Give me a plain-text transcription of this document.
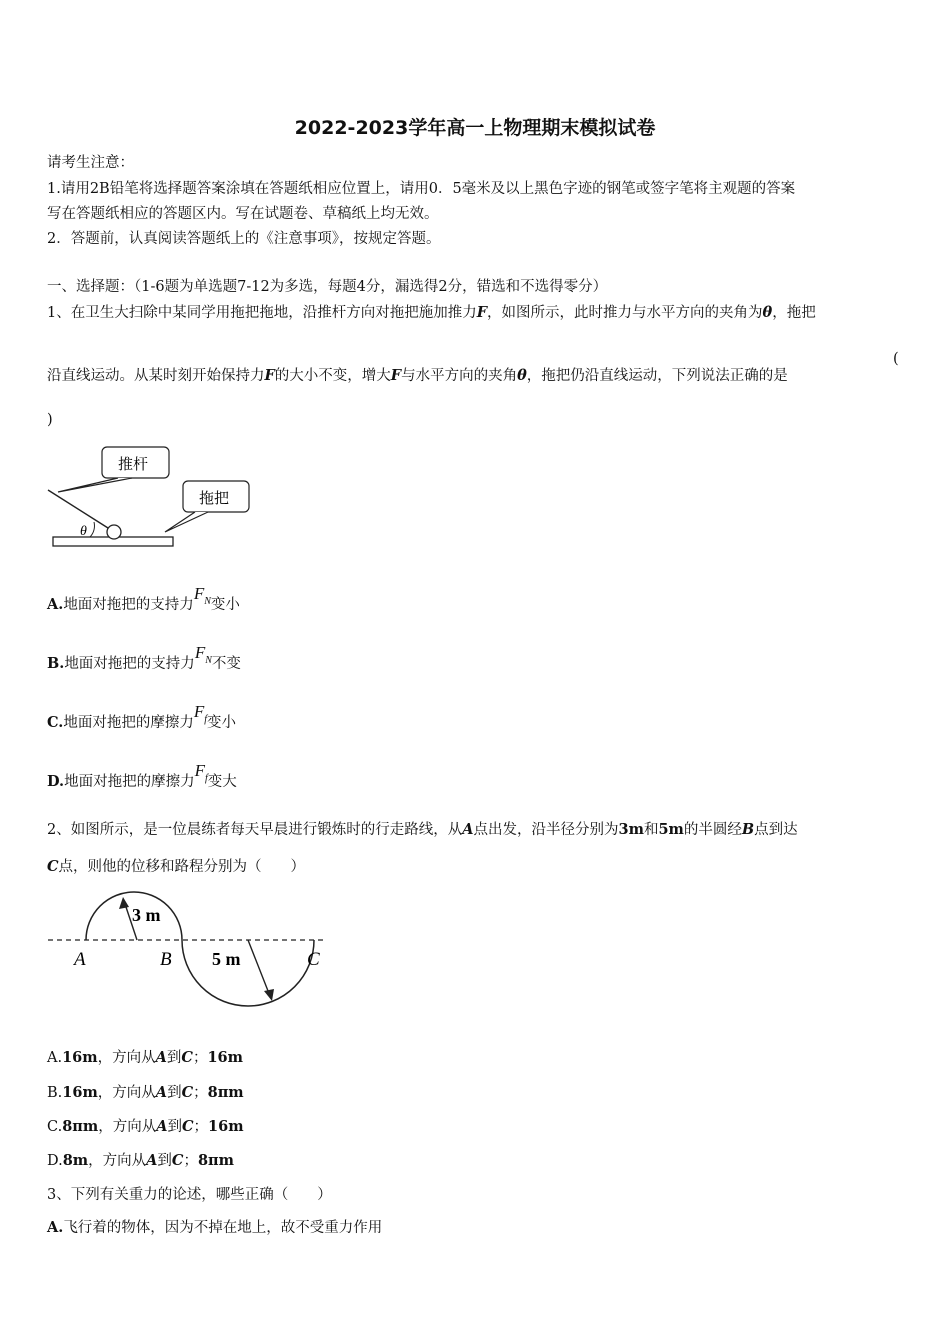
2022-2023学年高一上物理期末模拟试卷
请考生注意：
1.请用2B铅笔将选择题答案涂填在答题纸相应位置上，请用0．5毫米及以上黑色字迹的钢笔或签字笔将主观题的答案
写在答题纸相应的答题区内。写在试题卷、草稿纸上均无效。
2．答题前，认真阅读答题纸上的《注意事项》，按规定答题。
一、选择题：（1-6题为单选题7-12为多选，每题4分，漏选得2分，错选和不选得零分）
1、在卫生大扫除中某同学用拖把拖地，沿推杆方向对拖把施加推力F，如图所示，此时推力与水平方向的夹角为θ，拖把
沿直线运动。从某时刻开始保持力F的大小不变，增大F与水平方向的夹角θ，拖把仍沿直线运动，下列说法正确的是
(
)
θ
推杆
拖把
A.地面对拖把的支持力$F^N$变小
B.地面对拖把的支持力$F^N$不变
C.地面对拖把的摩擦力$F^f$变小
D.地面对拖把的摩擦力$F^f$变大
2、如图所示，是一位晨练者每天早晨进行锻炼时的行走路线，从A点出发，沿半径分别为3m和5m的半圆经B点到达
C点，则他的位移和路程分别为（　　）
3 m
5 m
A	B	C
A.16m，方向从A到C；16m
B.16m，方向从A到C；8πm
C.8πm，方向从A到C；16m
D.8m，方向从A到C；8πm
3、下列有关重力的论述，哪些正确（　　）
A.飞行着的物体，因为不掉在地上，故不受重力作用
